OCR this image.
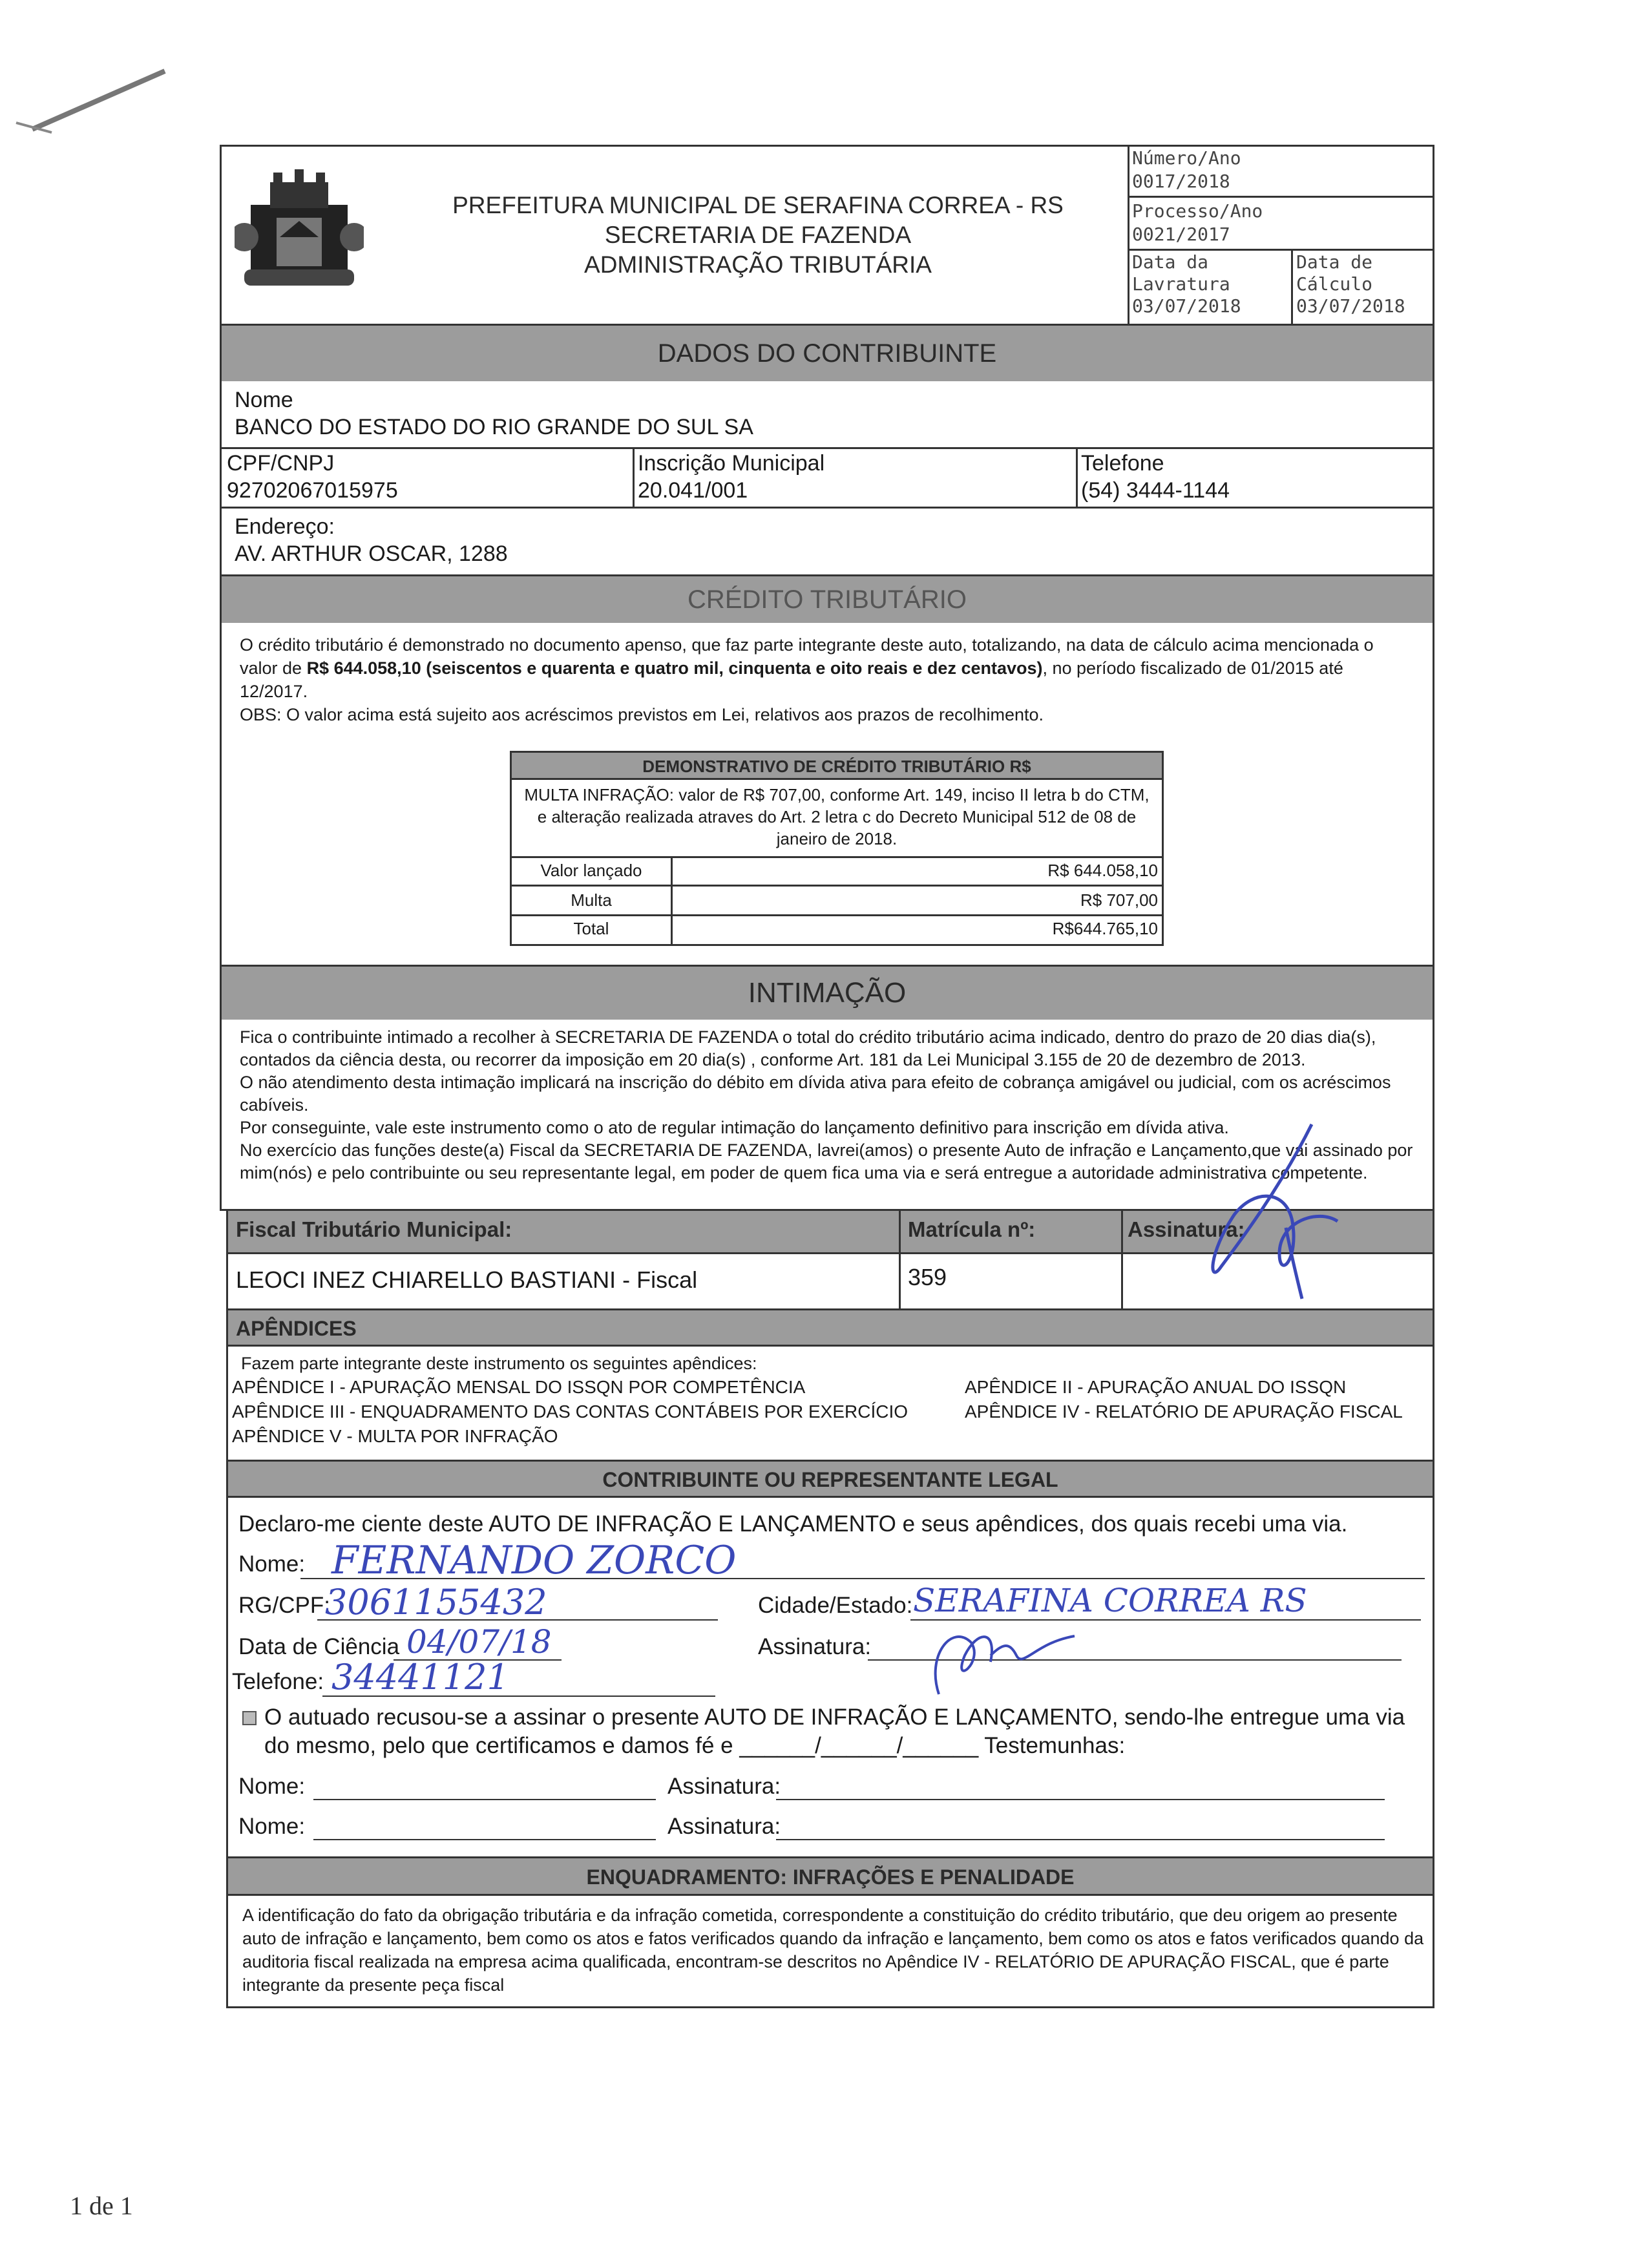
PREFEITURA MUNICIPAL DE SERAFINA CORREA - RS
SECRETARIA DE FAZENDA
ADMINISTRAÇÃO TRIBUTÁRIA
Número/Ano
0017/2018
Processo/Ano
0021/2017
Data da
Lavratura
03/07/2018
Data de
Cálculo
03/07/2018
DADOS DO CONTRIBUINTE
Nome
BANCO DO ESTADO DO RIO GRANDE DO SUL SA
CPF/CNPJ
92702067015975
Inscrição Municipal
20.041/001
Telefone
(54) 3444-1144
Endereço:
AV. ARTHUR OSCAR, 1288
CRÉDITO TRIBUTÁRIO
O crédito tributário é demonstrado no documento apenso, que faz parte integrante deste auto, totalizando, na data de cálculo acima mencionada o valor de R$ 644.058,10 (seiscentos e quarenta e quatro mil, cinquenta e oito reais e dez centavos), no período fiscalizado de 01/2015 até 12/2017.
OBS: O valor acima está sujeito aos acréscimos previstos em Lei, relativos aos prazos de recolhimento.
DEMONSTRATIVO DE CRÉDITO TRIBUTÁRIO R$
MULTA INFRAÇÃO: valor de R$ 707,00, conforme Art. 149, inciso II letra b do CTM, e alteração realizada atraves do Art. 2 letra c do Decreto Municipal 512 de 08 de janeiro de 2018.
Valor lançado	R$ 644.058,10
Multa	R$ 707,00
Total	R$644.765,10
INTIMAÇÃO
Fica o contribuinte intimado a recolher à SECRETARIA DE FAZENDA o total do crédito tributário acima indicado, dentro do prazo de 20 dias dia(s), contados da ciência desta, ou recorrer da imposição em 20 dia(s) , conforme Art. 181 da Lei Municipal 3.155 de 20 de dezembro de 2013.
O não atendimento desta intimação implicará na inscrição do débito em dívida ativa para efeito de cobrança amigável ou judicial, com os acréscimos cabíveis.
Por conseguinte, vale este instrumento como o ato de regular intimação do lançamento definitivo para inscrição em dívida ativa.
No exercício das funções deste(a) Fiscal da SECRETARIA DE FAZENDA, lavrei(amos) o presente Auto de infração e Lançamento,que vai assinado por mim(nós) e pelo contribuinte ou seu representante legal, em poder de quem fica uma via e será entregue a autoridade administrativa competente.
Fiscal Tributário Municipal:	Matrícula nº:	Assinatura:
LEOCI INEZ CHIARELLO BASTIANI - Fiscal	359
APÊNDICES
Fazem parte integrante deste instrumento os seguintes apêndices:
APÊNDICE I - APURAÇÃO MENSAL DO ISSQN POR COMPETÊNCIA
APÊNDICE III - ENQUADRAMENTO DAS CONTAS CONTÁBEIS POR EXERCÍCIO
APÊNDICE V - MULTA POR INFRAÇÃO
APÊNDICE II - APURAÇÃO ANUAL DO ISSQN
APÊNDICE IV - RELATÓRIO DE APURAÇÃO FISCAL
CONTRIBUINTE OU REPRESENTANTE LEGAL
Declaro-me ciente deste AUTO DE INFRAÇÃO E LANÇAMENTO e seus apêndices, dos quais recebi uma via.
Nome: FERNANDO ZORCO
RG/CPF:
3061155432	Cidade/Estado: SERAFINA CORREA RS
Data de Ciência 04/07/18	Assinatura:
Telefone: 34441121
O autuado recusou-se a assinar o presente AUTO DE INFRAÇÃO E LANÇAMENTO, sendo-lhe entregue uma via do mesmo, pelo que certificamos e damos fé e ______/______/______ Testemunhas:
Nome:	Assinatura:
Nome:	Assinatura:
ENQUADRAMENTO: INFRAÇÕES E PENALIDADE
A identificação do fato da obrigação tributária e da infração cometida, correspondente a constituição do crédito tributário, que deu origem ao presente auto de infração e lançamento, bem como os atos e fatos verificados quando da infração e lançamento, bem como os atos e fatos verificados quando da auditoria fiscal realizada na empresa acima qualificada, encontram-se descritos no Apêndice IV - RELATÓRIO DE APURAÇÃO FISCAL, que é parte integrante da presente peça fiscal
1 de 1
